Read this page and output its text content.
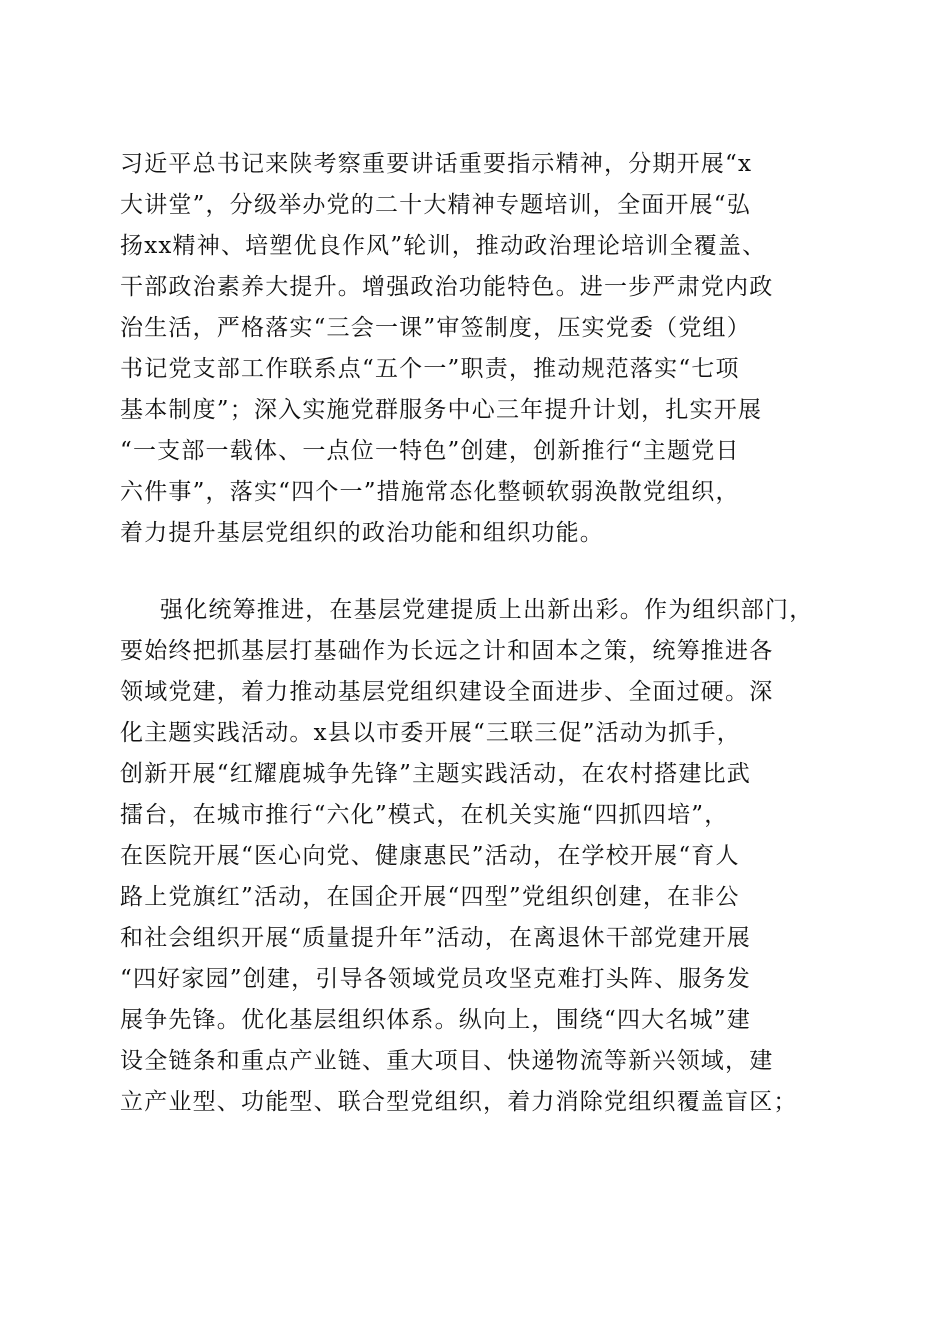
习近平总书记来陕考察重要讲话重要指示精神，分期开展“x
大讲堂”，分级举办党的二十大精神专题培训，全面开展“弘
扬xx精神、培塑优良作风”轮训，推动政治理论培训全覆盖、
干部政治素养大提升。增强政治功能特色。进一步严肃党内政
治生活，严格落实“三会一课”审签制度，压实党委（党组）
书记党支部工作联系点“五个一”职责，推动规范落实“七项
基本制度”；深入实施党群服务中心三年提升计划，扎实开展
“一支部一载体、一点位一特色”创建，创新推行“主题党日
六件事”，落实“四个一”措施常态化整顿软弱涣散党组织，
着力提升基层党组织的政治功能和组织功能。
强化统筹推进，在基层党建提质上出新出彩。作为组织部门，
要始终把抓基层打基础作为长远之计和固本之策，统筹推进各
领域党建，着力推动基层党组织建设全面进步、全面过硬。深
化主题实践活动。x县以市委开展“三联三促”活动为抓手，
创新开展“红耀鹿城争先锋”主题实践活动，在农村搭建比武
擂台，在城市推行“六化”模式，在机关实施“四抓四培”，
在医院开展“医心向党、健康惠民”活动，在学校开展“育人
路上党旗红”活动，在国企开展“四型”党组织创建，在非公
和社会组织开展“质量提升年”活动，在离退休干部党建开展
“四好家园”创建，引导各领域党员攻坚克难打头阵、服务发
展争先锋。优化基层组织体系。纵向上，围绕“四大名城”建
设全链条和重点产业链、重大项目、快递物流等新兴领域，建
立产业型、功能型、联合型党组织，着力消除党组织覆盖盲区；
